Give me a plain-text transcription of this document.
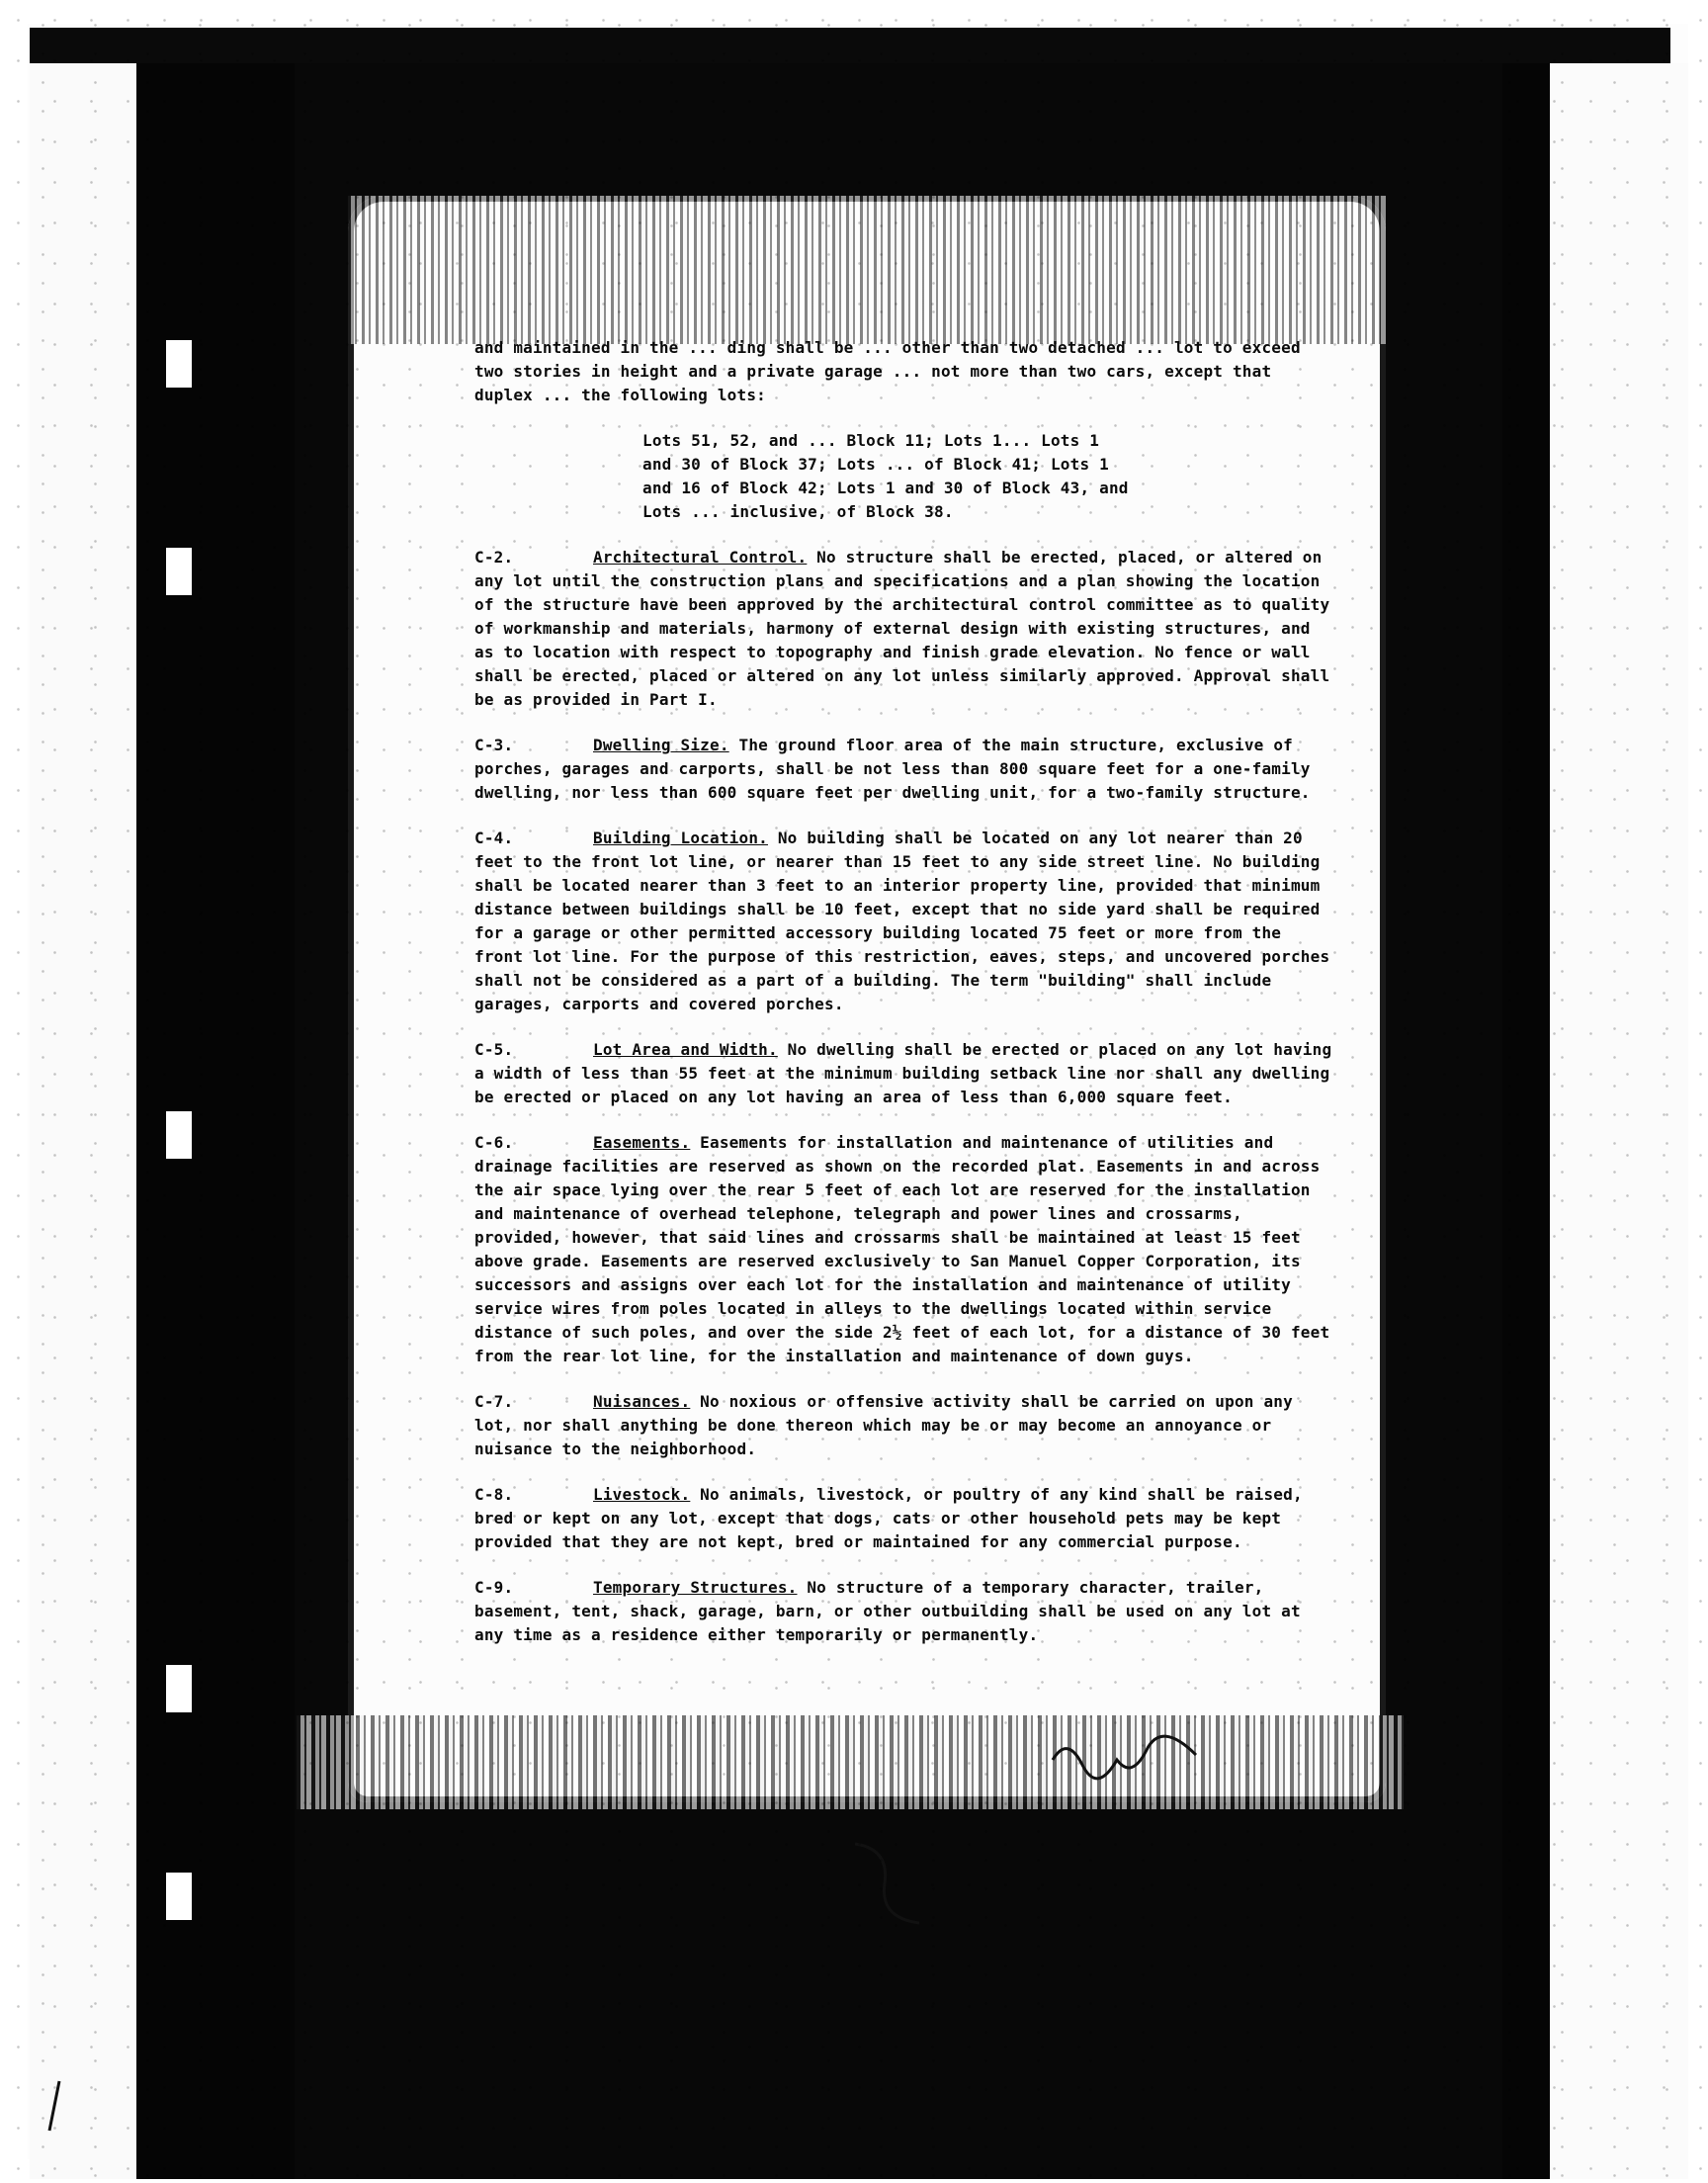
and maintained in the ... ding shall be ... other than two detached ... lot to exceed two stories in height and a private garage ... not more than two cars, except that duplex ... the following lots:

Lots 51, 52, and ... Block 11; Lots 1... Lots 1 and 30 of Block 37; Lots ... of Block 41; Lots 1 and 16 of Block 42; Lots 1 and 30 of Block 43, and Lots ... inclusive, of Block 38.

C-2.	Architectural Control. No structure shall be erected, placed, or altered on any lot until the construction plans and specifications and a plan showing the location of the structure have been approved by the architectural control committee as to quality of workmanship and materials, harmony of external design with existing structures, and as to location with respect to topography and finish grade elevation. No fence or wall shall be erected, placed or altered on any lot unless similarly approved. Approval shall be as provided in Part I.

C-3.	Dwelling Size. The ground floor area of the main structure, exclusive of porches, garages and carports, shall be not less than 800 square feet for a one-family dwelling, nor less than 600 square feet per dwelling unit, for a two-family structure.

C-4.	Building Location. No building shall be located on any lot nearer than 20 feet to the front lot line, or nearer than 15 feet to any side street line. No building shall be located nearer than 3 feet to an interior property line, provided that minimum distance between buildings shall be 10 feet, except that no side yard shall be required for a garage or other permitted accessory building located 75 feet or more from the front lot line. For the purpose of this restriction, eaves, steps, and uncovered porches shall not be considered as a part of a building. The term "building" shall include garages, carports and covered porches.

C-5.	Lot Area and Width. No dwelling shall be erected or placed on any lot having a width of less than 55 feet at the minimum building setback line nor shall any dwelling be erected or placed on any lot having an area of less than 6,000 square feet.

C-6.	Easements. Easements for installation and maintenance of utilities and drainage facilities are reserved as shown on the recorded plat. Easements in and across the air space lying over the rear 5 feet of each lot are reserved for the installation and maintenance of overhead telephone, telegraph and power lines and crossarms, provided, however, that said lines and crossarms shall be maintained at least 15 feet above grade. Easements are reserved exclusively to San Manuel Copper Corporation, its successors and assigns over each lot for the installation and maintenance of utility service wires from poles located in alleys to the dwellings located within service distance of such poles, and over the side 2½ feet of each lot, for a distance of 30 feet from the rear lot line, for the installation and maintenance of down guys.

C-7.	Nuisances. No noxious or offensive activity shall be carried on upon any lot, nor shall anything be done thereon which may be or may become an annoyance or nuisance to the neighborhood.

C-8.	Livestock. No animals, livestock, or poultry of any kind shall be raised, bred or kept on any lot, except that dogs, cats or other household pets may be kept provided that they are not kept, bred or maintained for any commercial purpose.

C-9.	Temporary Structures. No structure of a temporary character, trailer, basement, tent, shack, garage, barn, or other outbuilding shall be used on any lot at any time as a residence either temporarily or permanently.
